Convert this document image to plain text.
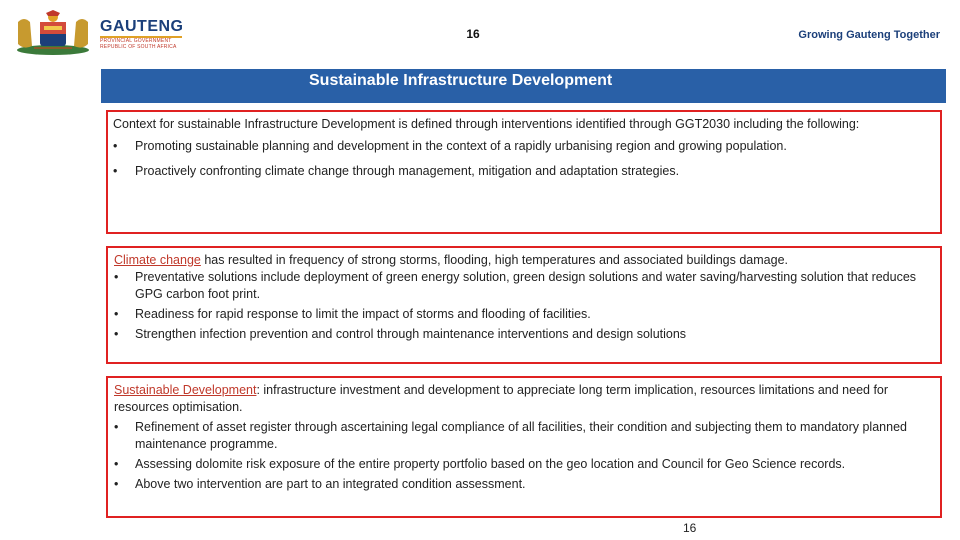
GAUTENG
PROVINCIAL GOVERNMENT
REPUBLIC OF SOUTH AFRICA
16	Growing Gauteng Together
Sustainable Infrastructure Development
Context for sustainable Infrastructure Development is defined through interventions identified through GGT2030 including the following:
•	Promoting sustainable planning and development in the context of a rapidly urbanising region and growing population.
•	Proactively confronting climate change through management, mitigation and adaptation strategies.
Climate change has resulted in frequency of strong storms, flooding, high temperatures and associated buildings damage.
•	Preventative solutions include deployment of green energy solution, green design solutions and water saving/harvesting solution that reduces GPG carbon foot print.
•	Readiness for rapid response to limit the impact of storms and flooding of facilities.
•	Strengthen infection prevention and control through maintenance interventions and design solutions
Sustainable Development: infrastructure investment and development to appreciate long term implication, resources limitations and need for resources optimisation.
•	Refinement of asset register through ascertaining legal compliance of all facilities, their condition and subjecting them to mandatory planned maintenance programme.
•	Assessing dolomite risk exposure of the entire property portfolio based on the geo location and Council for Geo Science records.
•	Above two intervention are part to an integrated condition assessment.
16
